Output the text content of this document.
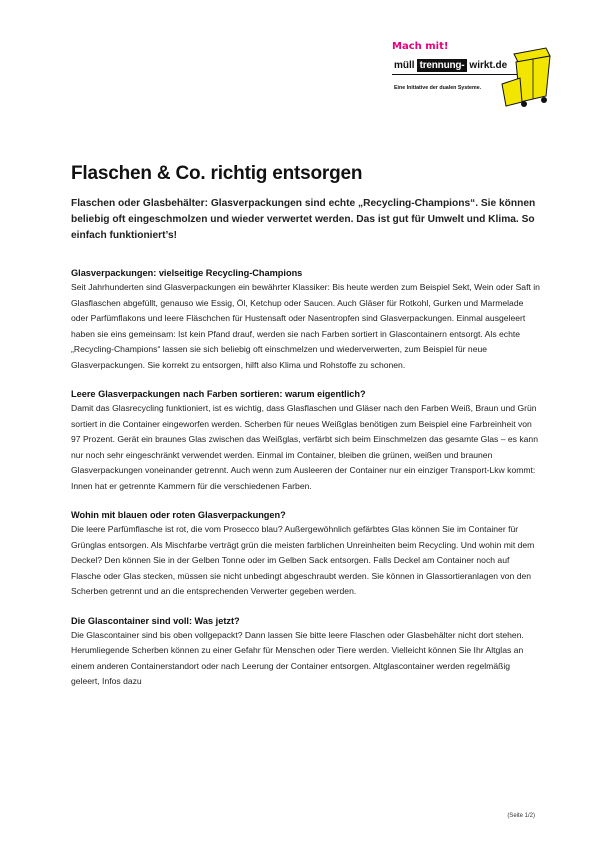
Mach mit!
müll trennung- wirkt.de
Eine Initiative der dualen Systeme.
Flaschen & Co. richtig entsorgen

Flaschen oder Glasbehälter: Glasverpackungen sind echte „Recycling-Champions“. Sie können beliebig oft eingeschmolzen und wieder verwertet werden. Das ist gut für Umwelt und Klima. So einfach funktioniert’s!

Glasverpackungen: vielseitige Recycling-Champions

Seit Jahrhunderten sind Glasverpackungen ein bewährter Klassiker: Bis heute werden zum Beispiel Sekt, Wein oder Saft in Glasflaschen abgefüllt, genauso wie Essig, Öl, Ketchup oder Saucen. Auch Gläser für Rotkohl, Gurken und Marmelade oder Parfümflakons und leere Fläschchen für Hustensaft oder Nasentropfen sind Glasverpackungen. Einmal ausgeleert haben sie eins gemeinsam: Ist kein Pfand drauf, werden sie nach Farben sortiert in Glascontainern entsorgt. Als echte „Recycling-Champions“ lassen sie sich beliebig oft einschmelzen und wiederverwerten, zum Beispiel für neue Glasverpackungen. Sie korrekt zu entsorgen, hilft also Klima und Rohstoffe zu schonen.

Leere Glasverpackungen nach Farben sortieren: warum eigentlich?

Damit das Glasrecycling funktioniert, ist es wichtig, dass Glasflaschen und Gläser nach den Farben Weiß, Braun und Grün sortiert in die Container eingeworfen werden. Scherben für neues Weißglas benötigen zum Beispiel eine Farbreinheit von 97 Prozent. Gerät ein braunes Glas zwischen das Weißglas, verfärbt sich beim Einschmelzen das gesamte Glas – es kann nur noch sehr eingeschränkt verwendet werden. Einmal im Container, bleiben die grünen, weißen und braunen Glasverpackungen voneinander getrennt. Auch wenn zum Ausleeren der Container nur ein einziger Transport-Lkw kommt: Innen hat er getrennte Kammern für die verschiedenen Farben.

Wohin mit blauen oder roten Glasverpackungen?

Die leere Parfümflasche ist rot, die vom Prosecco blau? Außergewöhnlich gefärbtes Glas können Sie im Container für Grünglas entsorgen. Als Mischfarbe verträgt grün die meisten farblichen Unreinheiten beim Recycling. Und wohin mit dem Deckel? Den können Sie in der Gelben Tonne oder im Gelben Sack entsorgen. Falls Deckel am Container noch auf Flasche oder Glas stecken, müssen sie nicht unbedingt abgeschraubt werden. Sie können in Glassortieranlagen von den Scherben getrennt und an die entsprechenden Verwerter gegeben werden.

Die Glascontainer sind voll: Was jetzt?

Die Glascontainer sind bis oben vollgepackt? Dann lassen Sie bitte leere Flaschen oder Glasbehälter nicht dort stehen. Herumliegende Scherben können zu einer Gefahr für Menschen oder Tiere werden. Vielleicht können Sie Ihr Altglas an einem anderen Containerstandort oder nach Leerung der Container entsorgen. Altglascontainer werden regelmäßig geleert, Infos dazu

(Seite 1/2)
